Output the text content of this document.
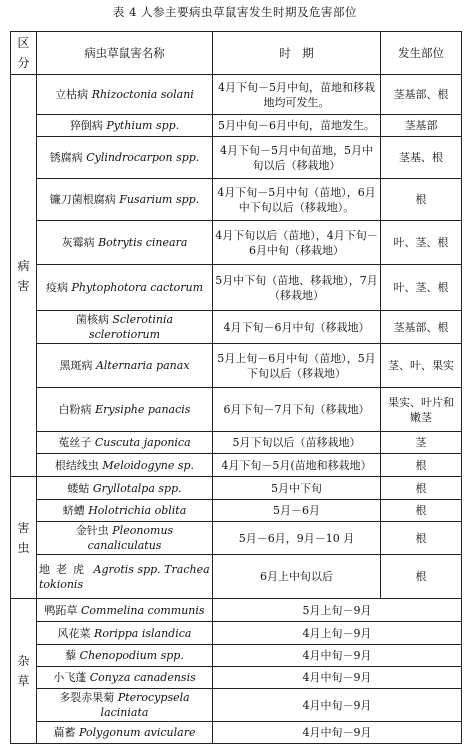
表 4 人参主要病虫草鼠害发生时期及危害部位
区
分	病虫草鼠害名称	时　期	发生部位

病
害	立枯病 Rhizoctonia solani	4月下旬－5月中旬，苗地和移栽地均可发生。	茎基部、根
	猝倒病 Pythium spp.	5月中旬－6月中旬，苗地发生。	茎基部
	锈腐病 Cylindrocarpon spp.	4月下旬－5月中旬苗地，5月中旬以后（移栽地）	茎基、根
	镰刀菌根腐病 Fusarium spp.	4月下旬－5月中旬（苗地），6月中下旬以后（移栽地）。	根
	灰霉病 Botrytis cineara	4月下旬以后（苗地），4月下旬－6月中旬（移栽地）	叶、茎、根
	疫病 Phytophotora cactorum	5月中下旬（苗地、移栽地），7月（移栽地）	叶、茎、根
	菌核病 Sclerotinia sclerotiorum	4月下旬－6月中旬（移栽地）	茎基部、根
	黑斑病 Alternaria panax	5月上旬－6月中旬（苗地），5月下旬以后（移栽地）	茎、叶、果实
	白粉病 Erysiphe panacis	6月下旬－7月下旬（移栽地）	果实、叶片和嫩茎
	菟丝子 Cuscuta japonica	5月下旬以后（苗移栽地）	茎
	根结线虫 Meloidogyne sp.	4月下旬－5月(苗地和移栽地）	根

害
虫	蝼蛄 Gryllotalpa spp.	5月中下旬	根
	蛴螬 Holotrichia oblita	5月－6月	根
	金针虫 Pleonomus canaliculatus	5月－6月，9月－10 月	根
	地老虎 Agrotis spp. Trachea tokionis	6月上中旬以后	根

杂
草	鸭跖草 Commelina communis	5月上旬－9月	
	风花菜 Rorippa islandica	4月上旬－9月	
	藜 Chenopodium spp.	4月中旬－9月	
	小飞蓬 Conyza canadensis	4月中旬－9月	
	多裂赤果菊 Pterocypsela laciniata	4月中旬－9月	
	萹蓄 Polygonum aviculare	4月中旬－9月	
